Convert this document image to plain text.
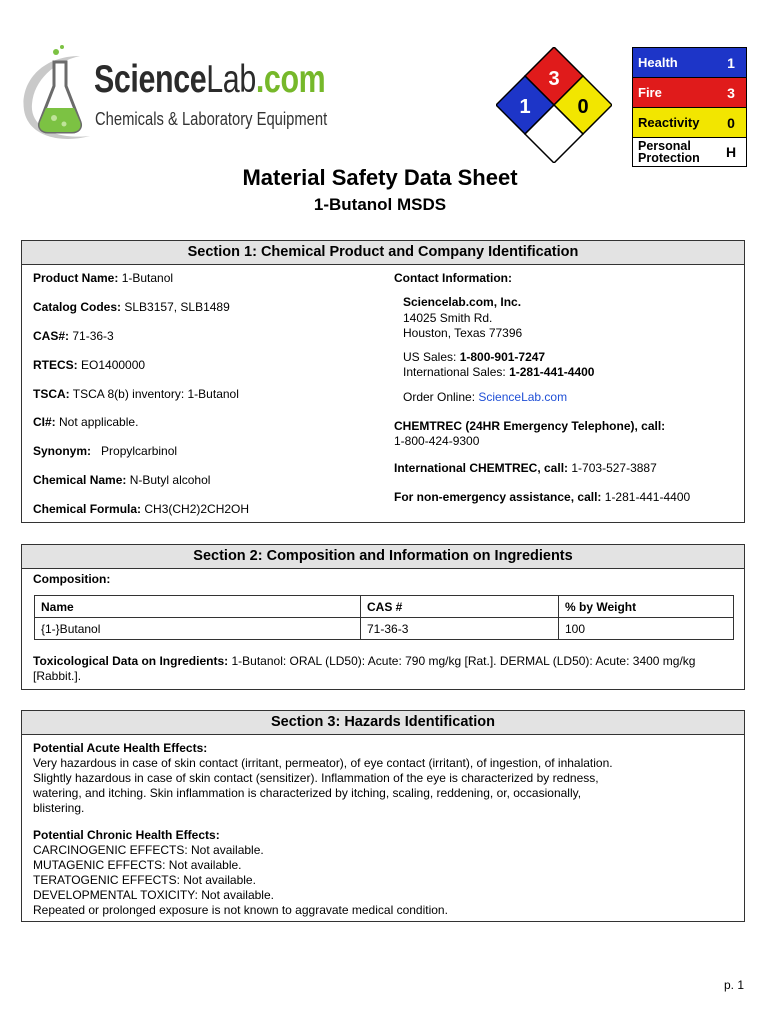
ScienceLab.com
Chemicals & Laboratory Equipment
3
1 0
Health	1
Fire	3
Reactivity	0
Personal Protection	H
Material Safety Data Sheet
1-Butanol MSDS
Section 1: Chemical Product and Company Identification
Product Name: 1-Butanol
Catalog Codes: SLB3157, SLB1489
CAS#: 71-36-3
RTECS: EO1400000
TSCA: TSCA 8(b) inventory: 1-Butanol
CI#: Not applicable.
Synonym: Propylcarbinol
Chemical Name: N-Butyl alcohol
Chemical Formula: CH3(CH2)2CH2OH
Contact Information:
Sciencelab.com, Inc.
14025 Smith Rd.
Houston, Texas 77396
US Sales: 1-800-901-7247
International Sales: 1-281-441-4400
Order Online: ScienceLab.com
CHEMTREC (24HR Emergency Telephone), call:
1-800-424-9300
International CHEMTREC, call: 1-703-527-3887
For non-emergency assistance, call: 1-281-441-4400
Section 2: Composition and Information on Ingredients
Composition:
Name	CAS #	% by Weight
{1-}Butanol	71-36-3	100
Toxicological Data on Ingredients: 1-Butanol: ORAL (LD50): Acute: 790 mg/kg [Rat.]. DERMAL (LD50): Acute: 3400 mg/kg
[Rabbit.].
Section 3: Hazards Identification
Potential Acute Health Effects:
Very hazardous in case of skin contact (irritant, permeator), of eye contact (irritant), of ingestion, of inhalation.
Slightly hazardous in case of skin contact (sensitizer). Inflammation of the eye is characterized by redness,
watering, and itching. Skin inflammation is characterized by itching, scaling, reddening, or, occasionally,
blistering.
Potential Chronic Health Effects:
CARCINOGENIC EFFECTS: Not available.
MUTAGENIC EFFECTS: Not available.
TERATOGENIC EFFECTS: Not available.
DEVELOPMENTAL TOXICITY: Not available.
Repeated or prolonged exposure is not known to aggravate medical condition.
p. 1
